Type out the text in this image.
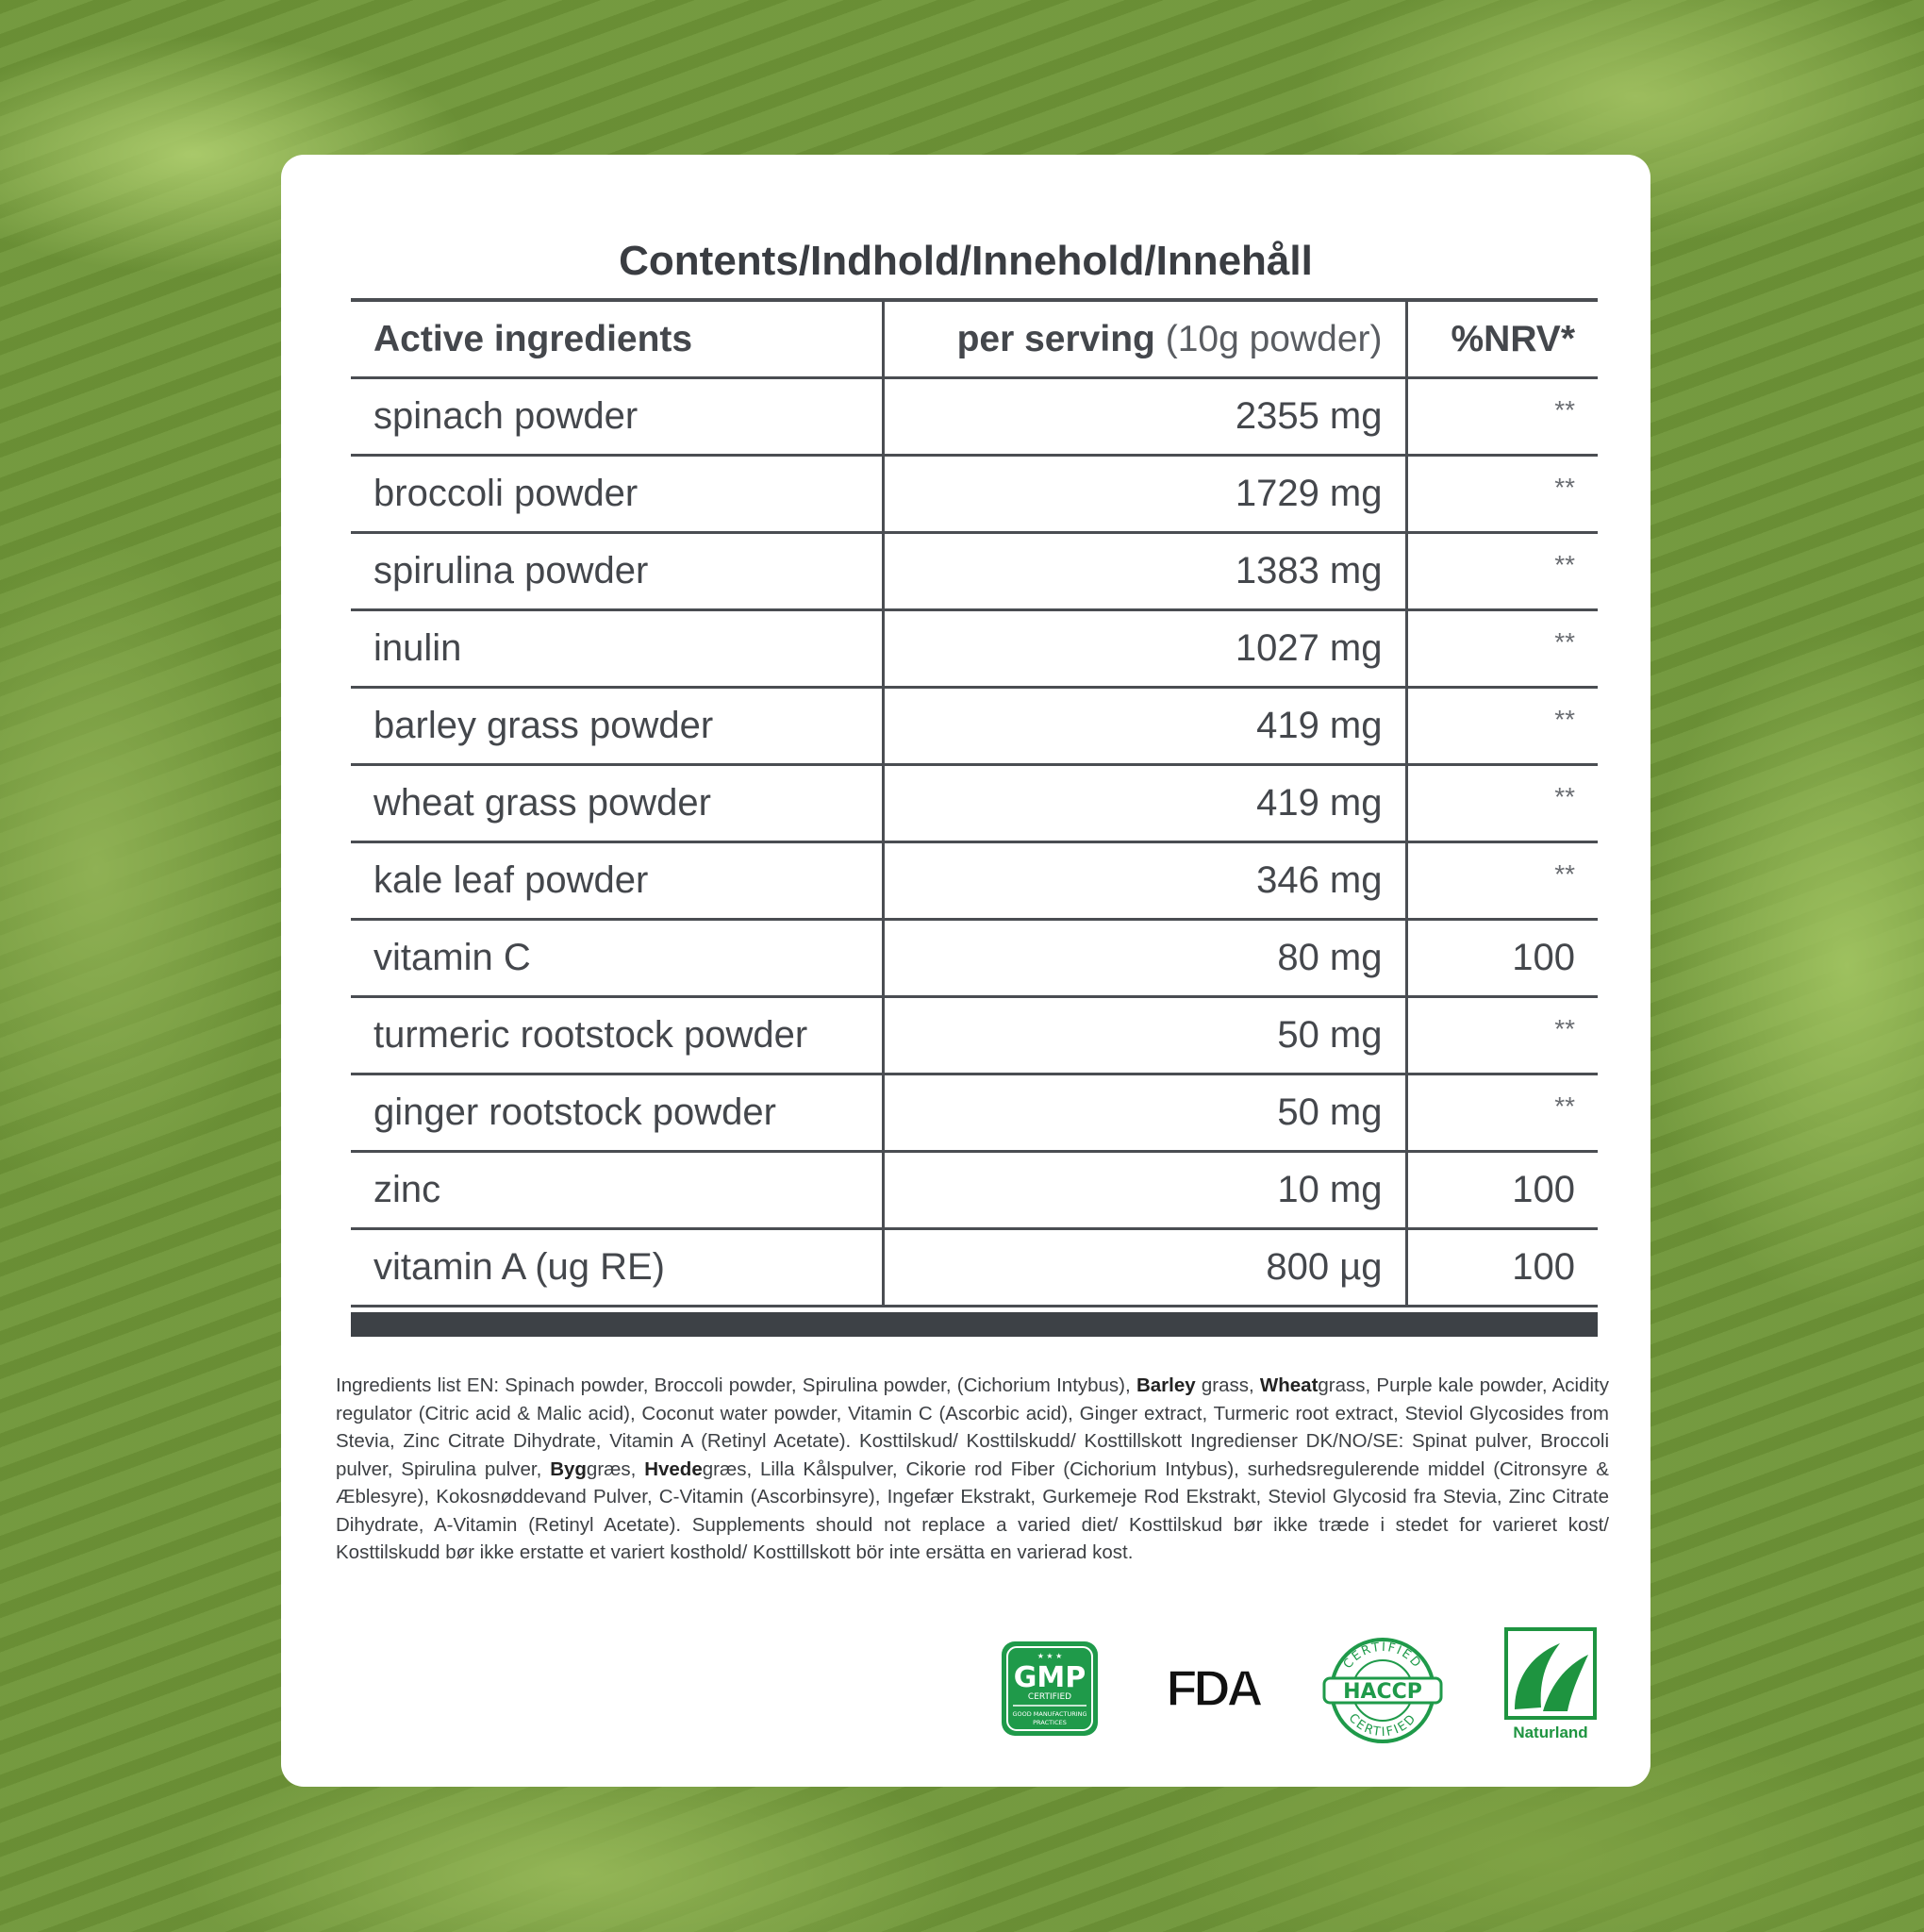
Contents/Indhold/Innehold/Innehåll
Active ingredients	per serving (10g powder)	%NRV*
spinach powder	2355 mg	**
broccoli powder	1729 mg	**
spirulina powder	1383 mg	**
inulin	1027 mg	**
barley grass powder	419 mg	**
wheat grass powder	419 mg	**
kale leaf powder	346 mg	**
vitamin C	80 mg	100
turmeric rootstock powder	50 mg	**
ginger rootstock powder	50 mg	**
zinc	10 mg	100
vitamin A (ug RE)	800 µg	100
Ingredients list EN: Spinach powder, Broccoli powder, Spirulina powder, (Cichorium Intybus), Barley grass, Wheatgrass, Purple kale powder, Acidity regulator (Citric acid & Malic acid), Coconut water powder, Vitamin C (Ascorbic acid), Ginger extract, Turmeric root extract, Steviol Glycosides from Stevia, Zinc Citrate Dihydrate, Vitamin A (Retinyl Acetate). Kosttilskud/ Kosttilskudd/ Kosttillskott Ingredienser DK/NO/SE: Spinat pulver, Broccoli pulver, Spirulina pulver, Byggræs, Hvedegræs, Lilla Kålspulver, Cikorie rod Fiber (Cichorium Intybus), surhedsregulerende middel (Citronsyre & Æblesyre), Kokosnøddevand Pulver, C-Vitamin (Ascorbinsyre), Ingefær Ekstrakt, Gurkemeje Rod Ekstrakt, Steviol Glycosid fra Stevia, Zinc Citrate Dihydrate, A-Vitamin (Retinyl Acetate). Supplements should not replace a varied diet/ Kosttilskud bør ikke træde i stedet for varieret kost/ Kosttilskudd bør ikke erstatte et variert kosthold/ Kosttillskott bör inte ersätta en varierad kost.
★ ★ ★
GMP
CERTIFIED
GOOD MANUFACTURING
PRACTICES
FDA	CERTIFIED
CERTIFIED
HACCP
Naturland
